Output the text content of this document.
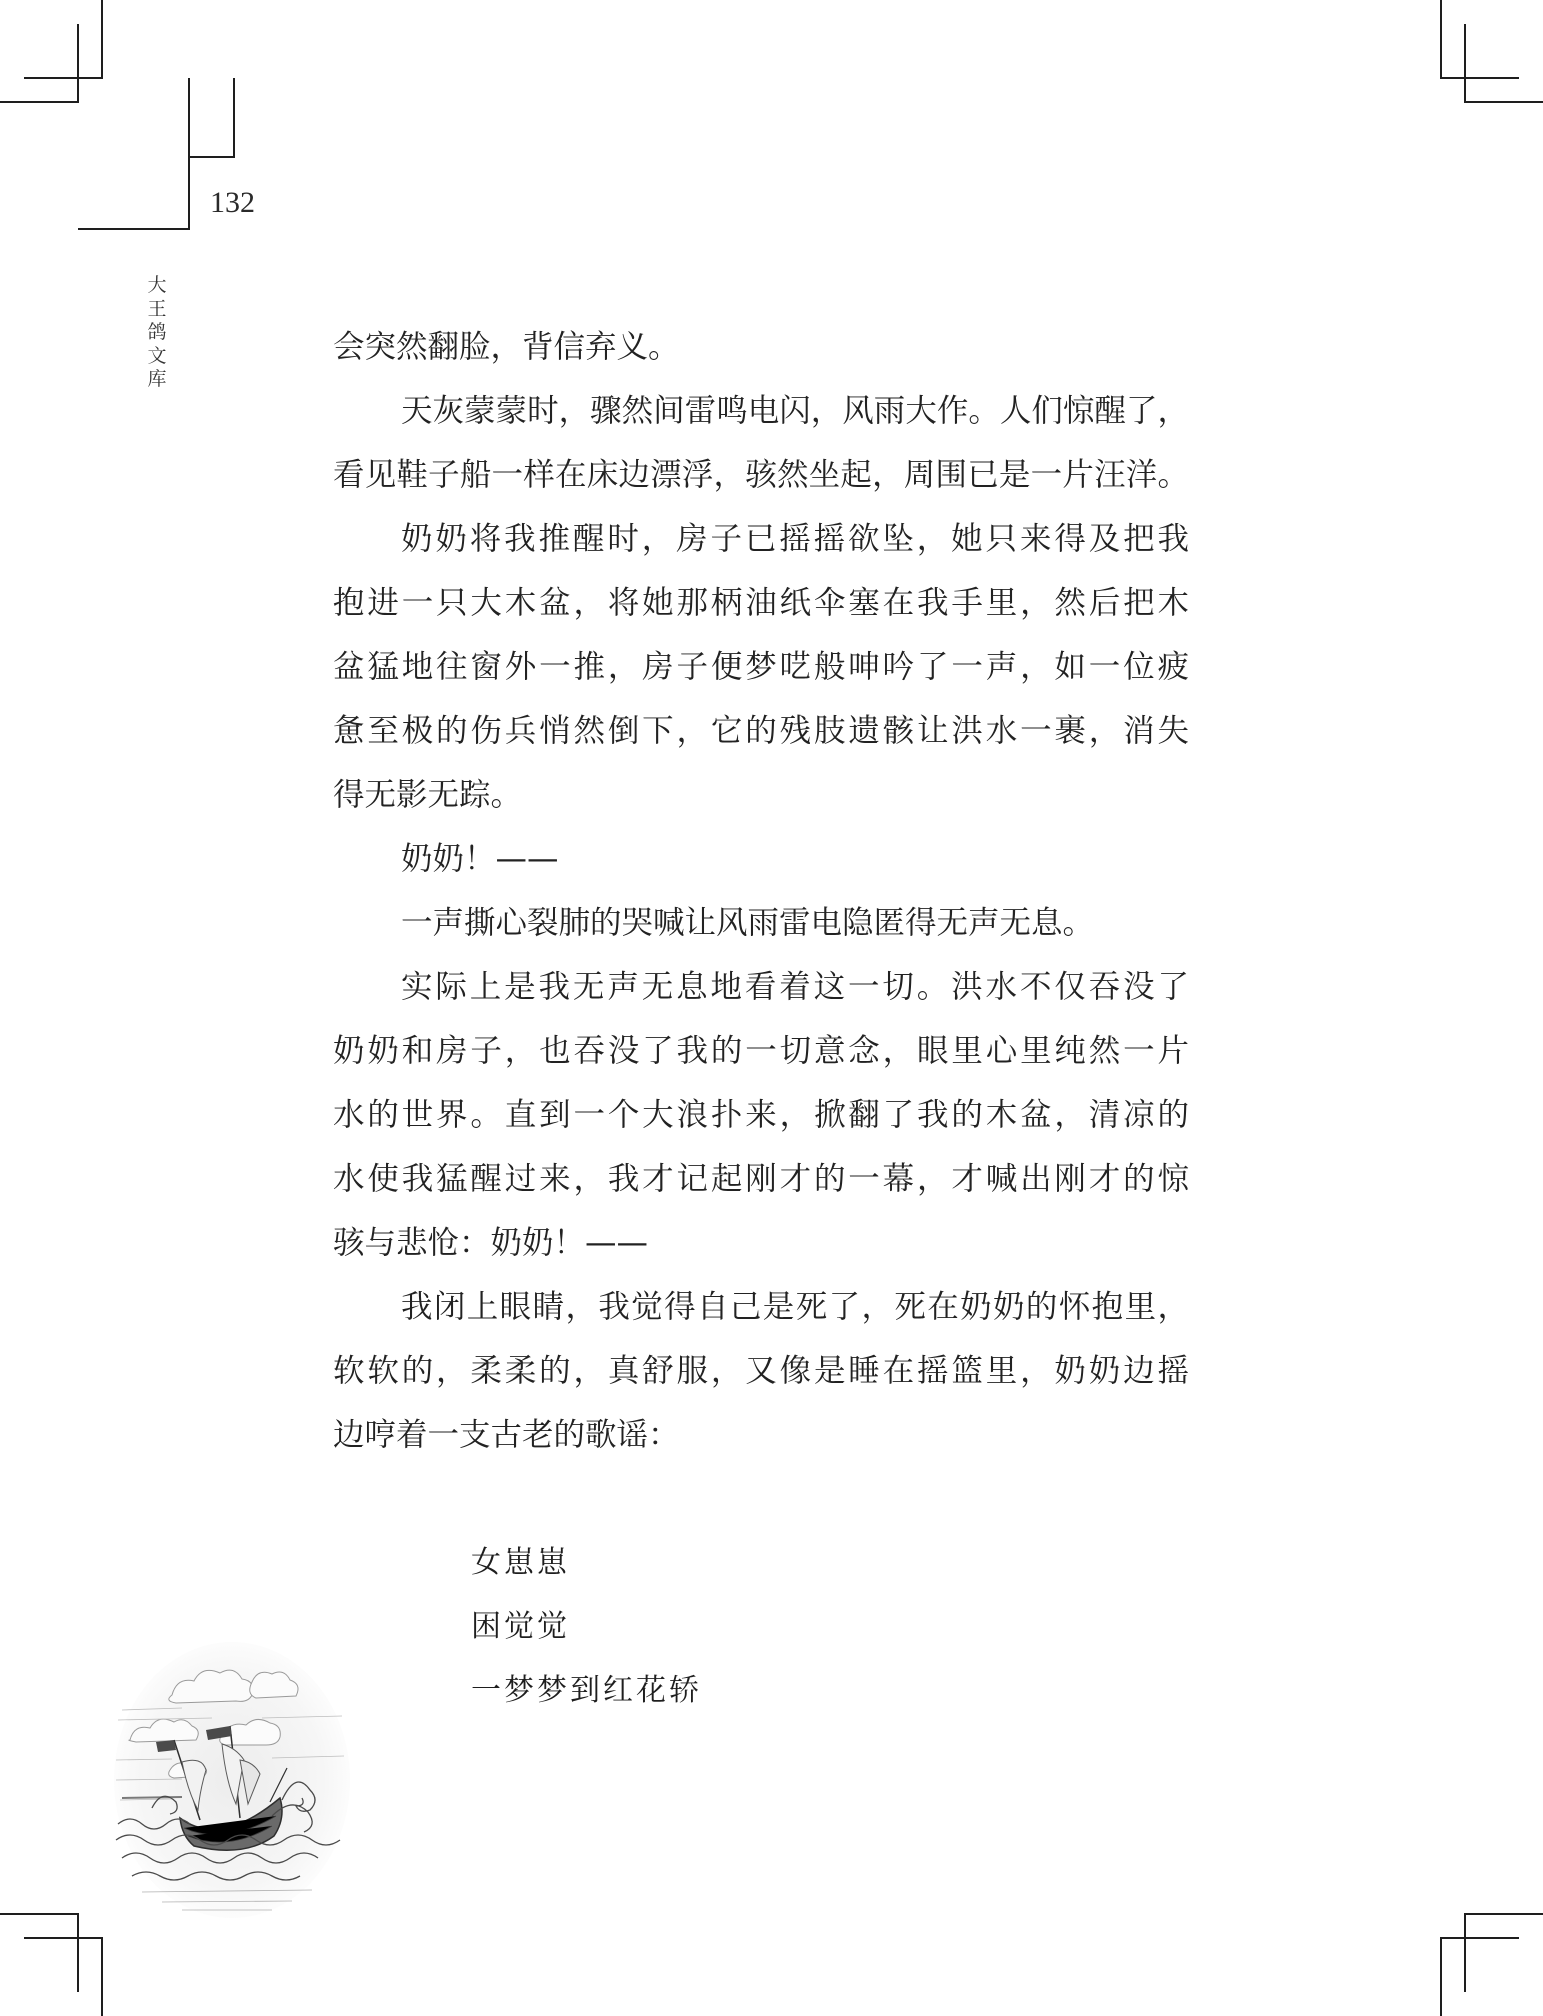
132
大
王
鸽
文
库
会突然翻脸，背信弃义。
天灰蒙蒙时，骤然间雷鸣电闪，风雨大作。人们惊醒了，
看见鞋子船一样在床边漂浮，骇然坐起，周围已是一片汪洋。
奶奶将我推醒时，房子已摇摇欲坠，她只来得及把我
抱进一只大木盆，将她那柄油纸伞塞在我手里，然后把木
盆猛地往窗外一推，房子便梦呓般呻吟了一声，如一位疲
惫至极的伤兵悄然倒下，它的残肢遗骸让洪水一裹，消失
得无影无踪。
奶奶！——
一声撕心裂肺的哭喊让风雨雷电隐匿得无声无息。
实际上是我无声无息地看着这一切。洪水不仅吞没了
奶奶和房子，也吞没了我的一切意念，眼里心里纯然一片
水的世界。直到一个大浪扑来，掀翻了我的木盆，清凉的
水使我猛醒过来，我才记起刚才的一幕，才喊出刚才的惊
骇与悲怆：奶奶！——
我闭上眼睛，我觉得自己是死了，死在奶奶的怀抱里，
软软的，柔柔的，真舒服，又像是睡在摇篮里，奶奶边摇
边哼着一支古老的歌谣：
女崽崽
困觉觉
一梦梦到红花轿
